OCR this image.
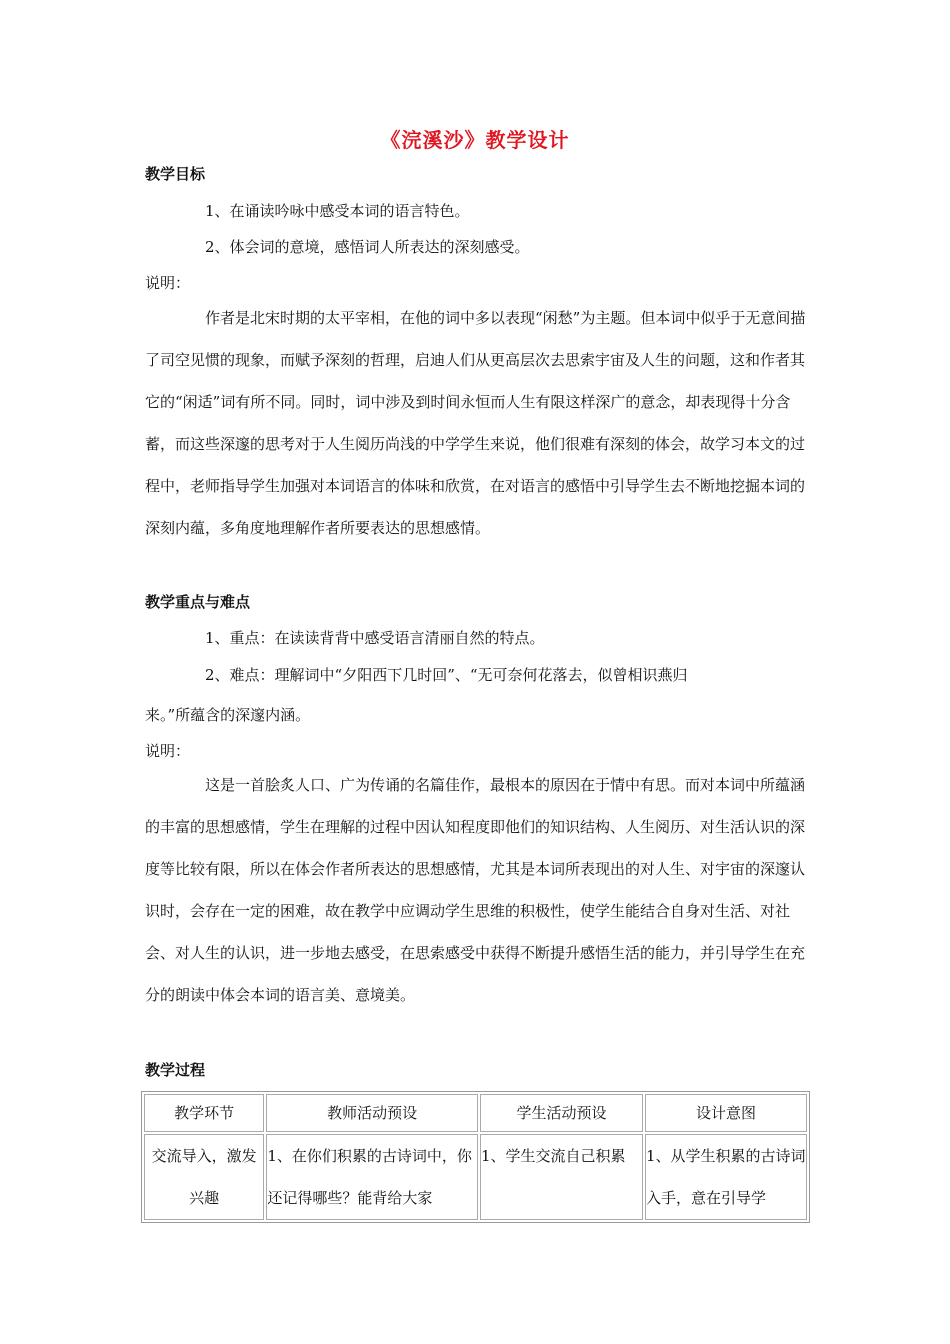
《浣溪沙》教学设计
教学目标
1、在诵读吟咏中感受本词的语言特色。
2、体会词的意境，感悟词人所表达的深刻感受。
说明：
作者是北宋时期的太平宰相，在他的词中多以表现“闲愁”为主题。但本词中似乎于无意间描了司空见惯的现象，而赋予深刻的哲理，启迪人们从更高层次去思索宇宙及人生的问题，这和作者其它的“闲适”词有所不同。同时，词中涉及到时间永恒而人生有限这样深广的意念，却表现得十分含蓄，而这些深邃的思考对于人生阅历尚浅的中学学生来说，他们很难有深刻的体会，故学习本文的过程中，老师指导学生加强对本词语言的体味和欣赏，在对语言的感悟中引导学生去不断地挖掘本词的深刻内蕴，多角度地理解作者所要表达的思想感情。
教学重点与难点
1、重点：在读读背背中感受语言清丽自然的特点。
2、难点：理解词中“夕阳西下几时回”、“无可奈何花落去，似曾相识燕归
来。”所蕴含的深邃内涵。
说明：
这是一首脍炙人口、广为传诵的名篇佳作，最根本的原因在于情中有思。而对本词中所蕴涵的丰富的思想感情，学生在理解的过程中因认知程度即他们的知识结构、人生阅历、对生活认识的深度等比较有限，所以在体会作者所表达的思想感情，尤其是本词所表现出的对人生、对宇宙的深邃认识时，会存在一定的困难，故在教学中应调动学生思维的积极性，使学生能结合自身对生活、对社会、对人生的认识，进一步地去感受，在思索感受中获得不断提升感悟生活的能力，并引导学生在充分的朗读中体会本词的语言美、意境美。
教学过程
教学环节	教师活动预设	学生活动预设	设计意图

交流导入，激发兴趣	1、在你们积累的古诗词中，你还记得哪些？能背给大家	1、学生交流自己积累	1、从学生积累的古诗词入手，意在引导学
